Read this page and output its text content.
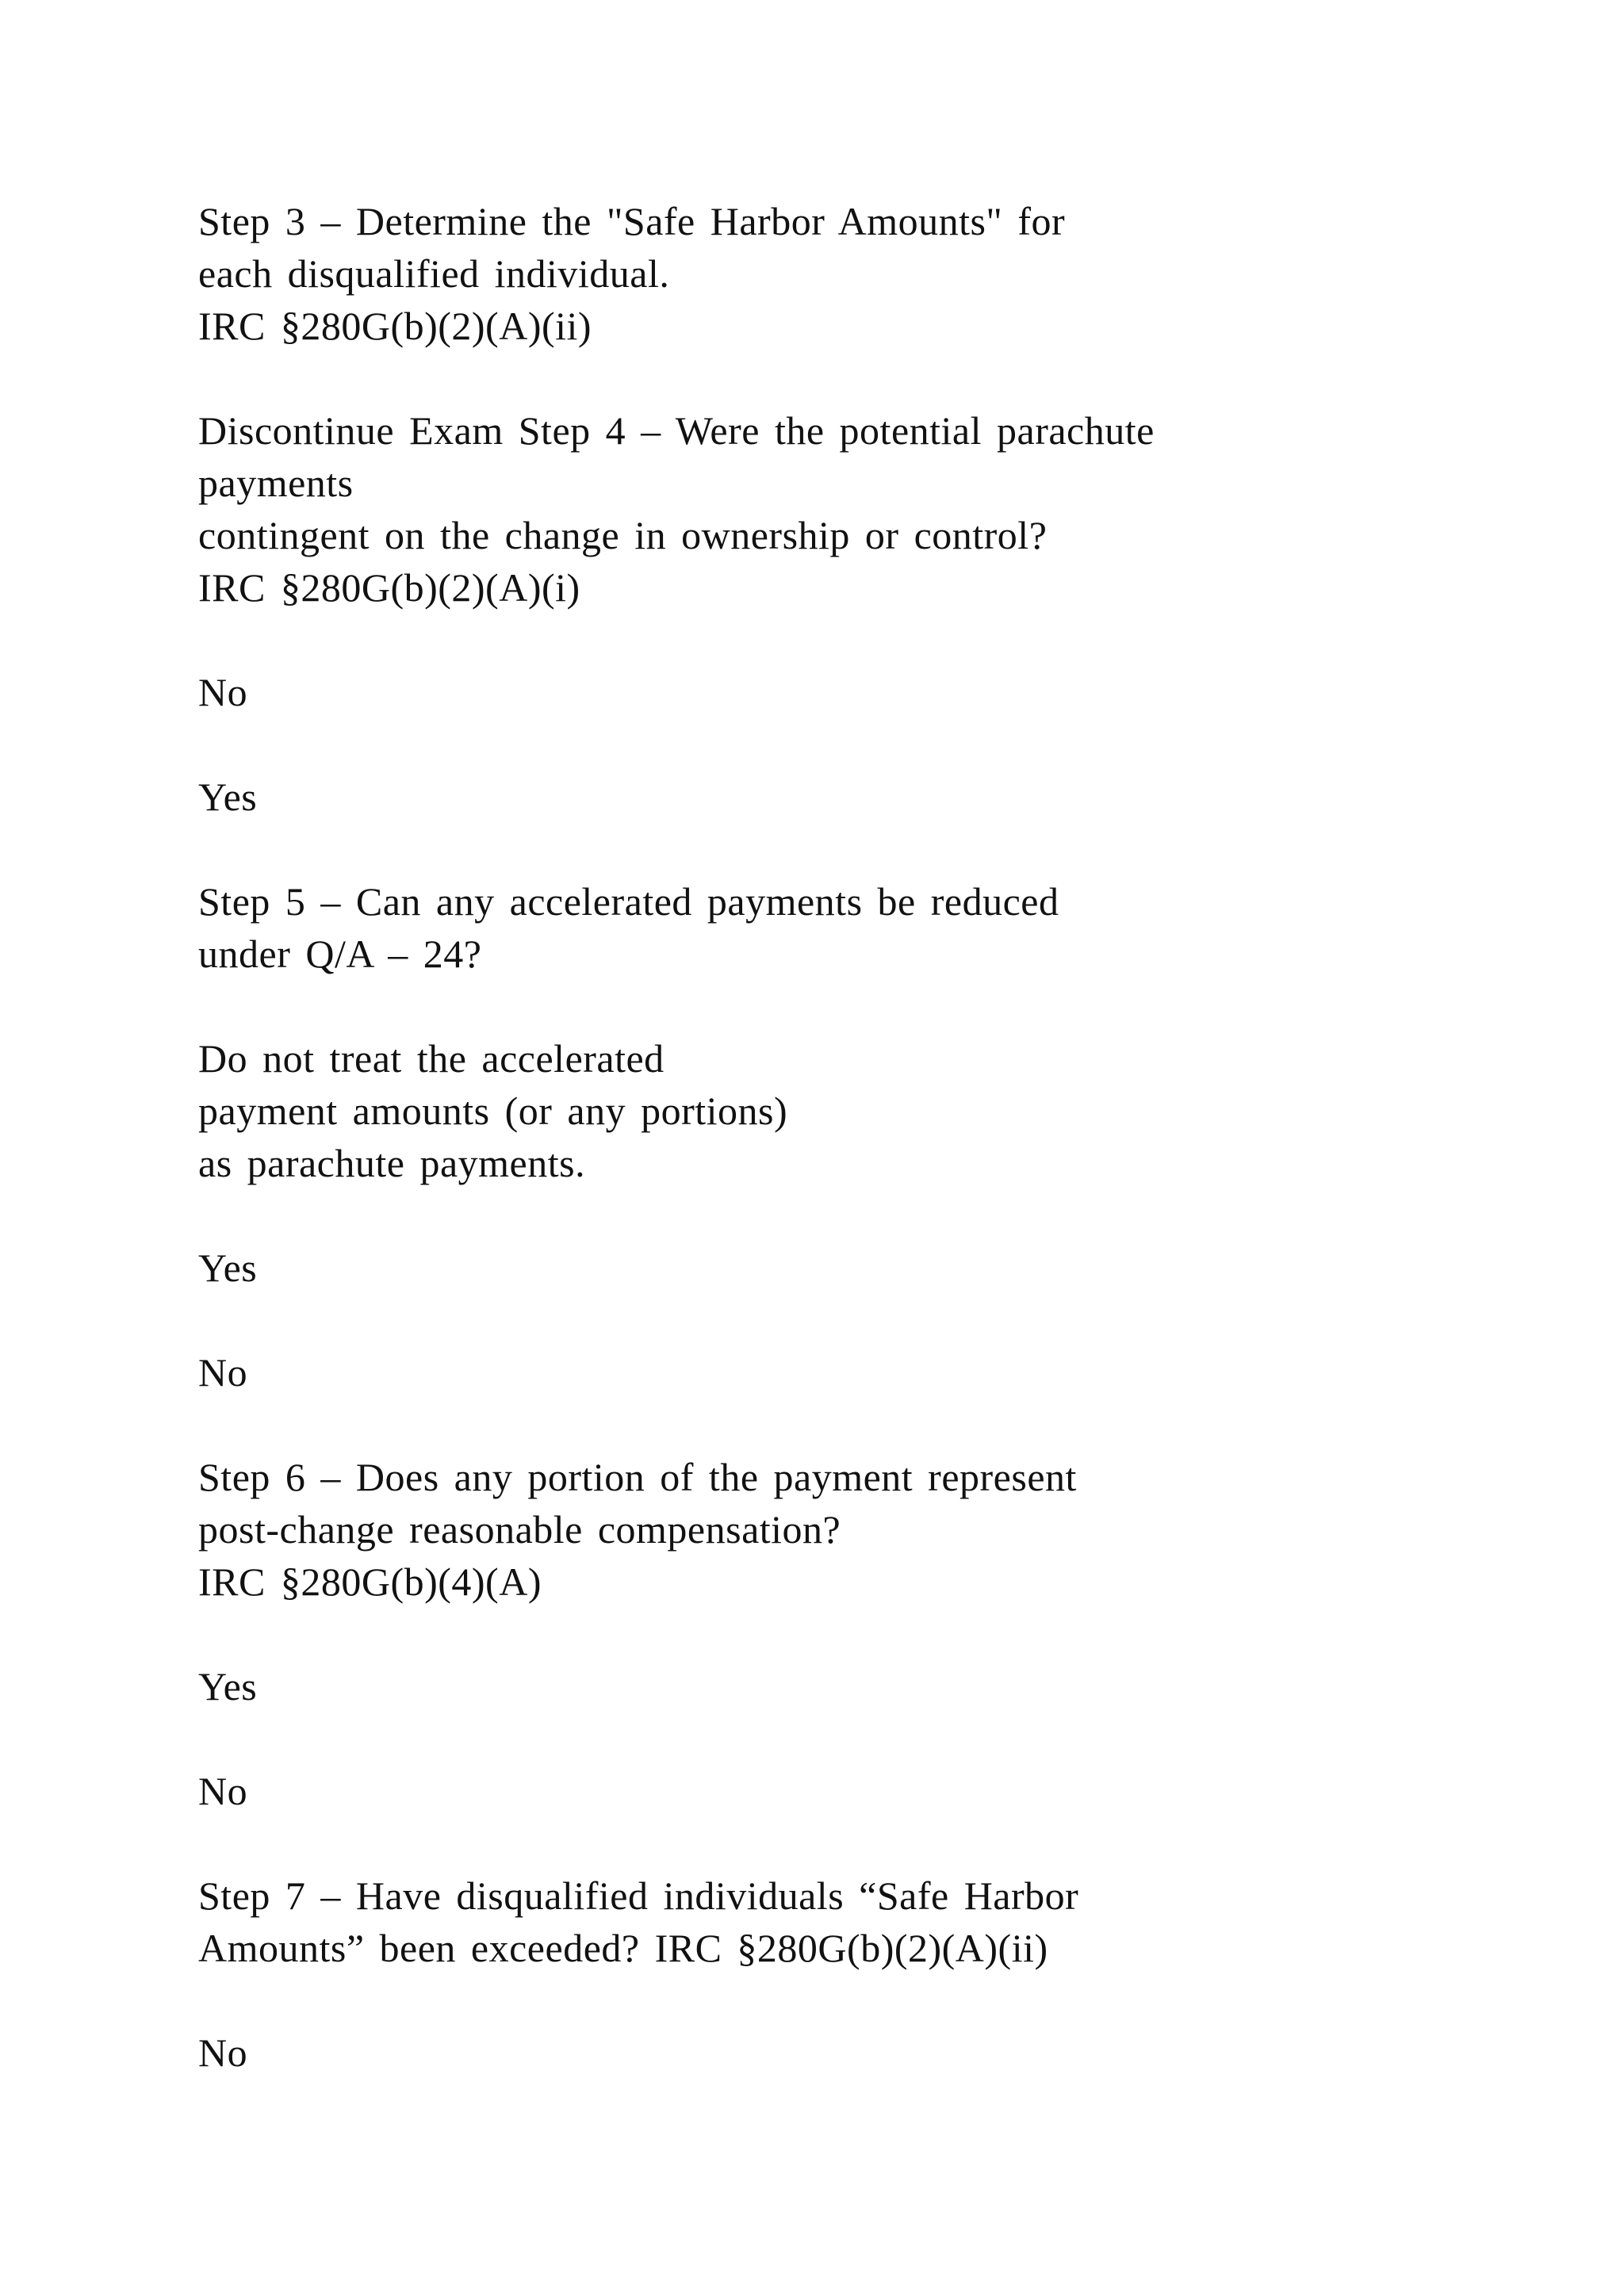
Step 3 – Determine the "Safe Harbor Amounts" for
each disqualified individual.
IRC §280G(b)(2)(A)(ii)
Discontinue Exam Step 4 – Were the potential parachute
payments
contingent on the change in ownership or control?
IRC §280G(b)(2)(A)(i)
No
Yes
Step 5 – Can any accelerated payments be reduced
under Q/A – 24?
Do not treat the accelerated
payment amounts (or any portions)
as parachute payments.
Yes
No
Step 6 – Does any portion of the payment represent
post-change reasonable compensation?
IRC §280G(b)(4)(A)
Yes
No
Step 7 – Have disqualified individuals “Safe Harbor
Amounts” been exceeded? IRC §280G(b)(2)(A)(ii)
No
